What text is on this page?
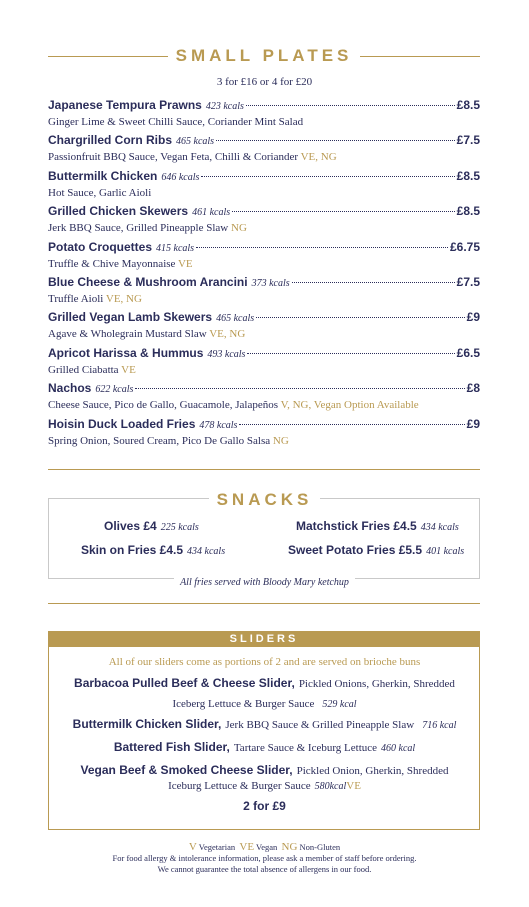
SMALL PLATES
3 for £16 or 4 for £20
Japanese Tempura Prawns 423 kcals	£8.5
Ginger Lime & Sweet Chilli Sauce, Coriander Mint Salad
Chargrilled Corn Ribs 465 kcals	£7.5
Passionfruit BBQ Sauce, Vegan Feta, Chilli & Coriander VE, NG
Buttermilk Chicken 646 kcals	£8.5
Hot Sauce, Garlic Aioli
Grilled Chicken Skewers 461 kcals	£8.5
Jerk BBQ Sauce, Grilled Pineapple Slaw NG
Potato Croquettes 415 kcals	£6.75
Truffle & Chive Mayonnaise VE
Blue Cheese & Mushroom Arancini 373 kcals	£7.5
Truffle Aioli VE, NG
Grilled Vegan Lamb Skewers 465 kcals	£9
Agave & Wholegrain Mustard Slaw VE, NG
Apricot Harissa & Hummus 493 kcals	£6.5
Grilled Ciabatta VE
Nachos 622 kcals	£8
Cheese Sauce, Pico de Gallo, Guacamole, Jalapeños V, NG, Vegan Option Available
Hoisin Duck Loaded Fries 478 kcals	£9
Spring Onion, Soured Cream, Pico De Gallo Salsa NG
SNACKS
Olives £4 225 kcals	Matchstick Fries £4.5 434 kcals
Skin on Fries £4.5 434 kcals	Sweet Potato Fries £5.5 401 kcals
All fries served with Bloody Mary ketchup
SLIDERS
All of our sliders come as portions of 2 and are served on brioche buns
Barbacoa Pulled Beef & Cheese Slider, Pickled Onions, Gherkin, Shredded
Iceberg Lettuce & Burger Sauce 529 kcal
Buttermilk Chicken Slider, Jerk BBQ Sauce & Grilled Pineapple Slaw 716 kcal
Battered Fish Slider, Tartare Sauce & Iceburg Lettuce 460 kcal
Vegan Beef & Smoked Cheese Slider, Pickled Onion, Gherkin, Shredded
Iceburg Lettuce & Burger Sauce 580kcalVE
2 for £9
V Vegetarian VE Vegan NG Non-Gluten
For food allergy & intolerance information, please ask a member of staff before ordering.
We cannot guarantee the total absence of allergens in our food.
